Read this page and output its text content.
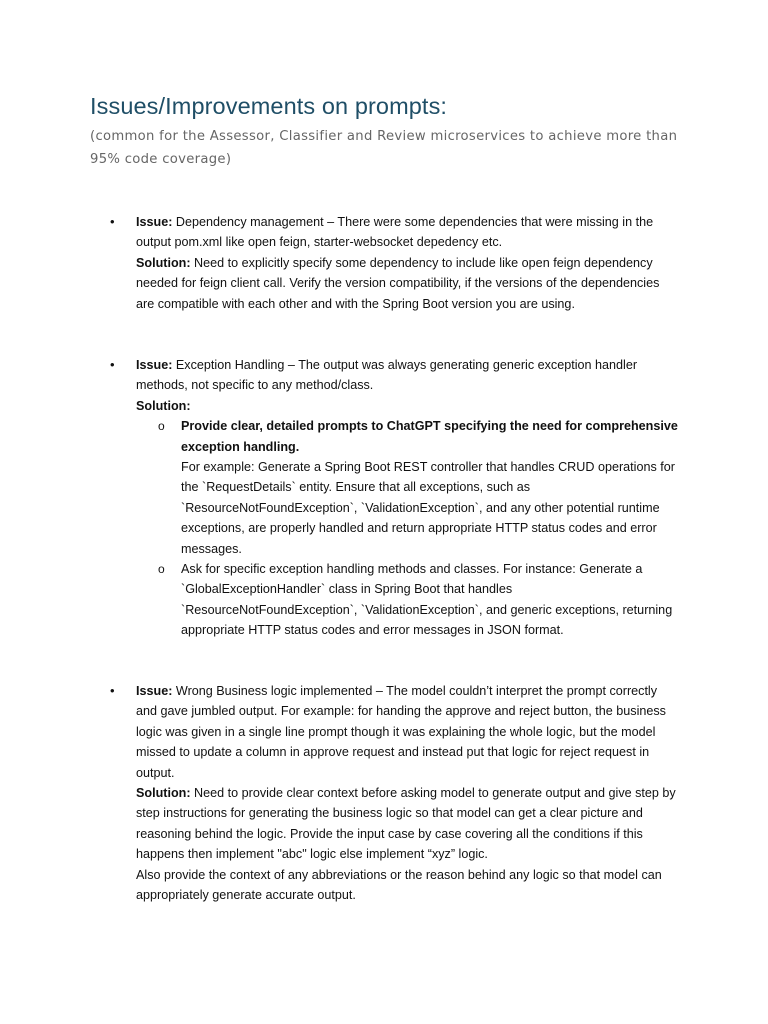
Issues/Improvements on prompts:

(common for the Assessor, Classifier and Review microservices to achieve more than 95% code coverage)

• Issue: Dependency management – There were some dependencies that were missing in the output pom.xml like open feign, starter-websocket depedency etc.

Solution: Need to explicitly specify some dependency to include like open feign dependency needed for feign client call. Verify the version compatibility, if the versions of the dependencies are compatible with each other and with the Spring Boot version you are using.

• Issue: Exception Handling – The output was always generating generic exception handler methods, not specific to any method/class.

Solution:

o Provide clear, detailed prompts to ChatGPT specifying the need for comprehensive exception handling.

For example: Generate a Spring Boot REST controller that handles CRUD operations for the `RequestDetails` entity. Ensure that all exceptions, such as `ResourceNotFoundException`, `ValidationException`, and any other potential runtime exceptions, are properly handled and return appropriate HTTP status codes and error messages.

o Ask for specific exception handling methods and classes. For instance: Generate a `GlobalExceptionHandler` class in Spring Boot that handles `ResourceNotFoundException`, `ValidationException`, and generic exceptions, returning appropriate HTTP status codes and error messages in JSON format.

• Issue: Wrong Business logic implemented – The model couldn’t interpret the prompt correctly and gave jumbled output. For example: for handing the approve and reject button, the business logic was given in a single line prompt though it was explaining the whole logic, but the model missed to update a column in approve request and instead put that logic for reject request in output.

Solution: Need to provide clear context before asking model to generate output and give step by step instructions for generating the business logic so that model can get a clear picture and reasoning behind the logic. Provide the input case by case covering all the conditions if this happens then implement "abc" logic else implement “xyz” logic.

Also provide the context of any abbreviations or the reason behind any logic so that model can appropriately generate accurate output.
